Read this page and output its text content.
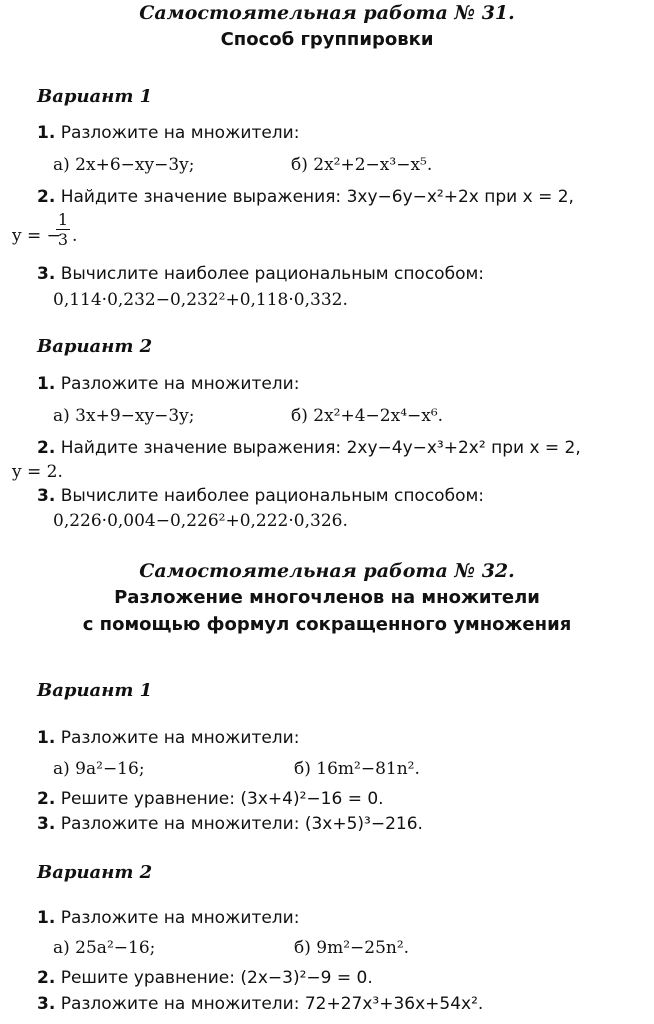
Самостоятельная работа № 31.
Способ группировки
Вариант 1
1. Разложите на множители:
а) 2x+6−xy−3y;	б) 2x²+2−x³−x⁵.
2. Найдите значение выражения: 3xy−6y−x²+2x при x = 2,
y = −
$\frac{1}{3}$ .
3. Вычислите наиболее рациональным способом:
0,114·0,232−0,232²+0,118·0,332.
Вариант 2
1. Разложите на множители:
а) 3x+9−xy−3y;	б) 2x²+4−2x⁴−x⁶.
2. Найдите значение выражения: 2xy−4y−x³+2x² при x = 2,
y = 2.
3. Вычислите наиболее рациональным способом:
0,226·0,004−0,226²+0,222·0,326.
Самостоятельная работа № 32.
Разложение многочленов на множители
с помощью формул сокращенного умножения
Вариант 1
1. Разложите на множители:
а) 9a²−16;	б) 16m²−81n².
2. Решите уравнение: (3x+4)²−16 = 0.
3. Разложите на множители: (3x+5)³−216.
Вариант 2
1. Разложите на множители:
а) 25a²−16;	б) 9m²−25n².
2. Решите уравнение: (2x−3)²−9 = 0.
3. Разложите на множители: 72+27x³+36x+54x².
